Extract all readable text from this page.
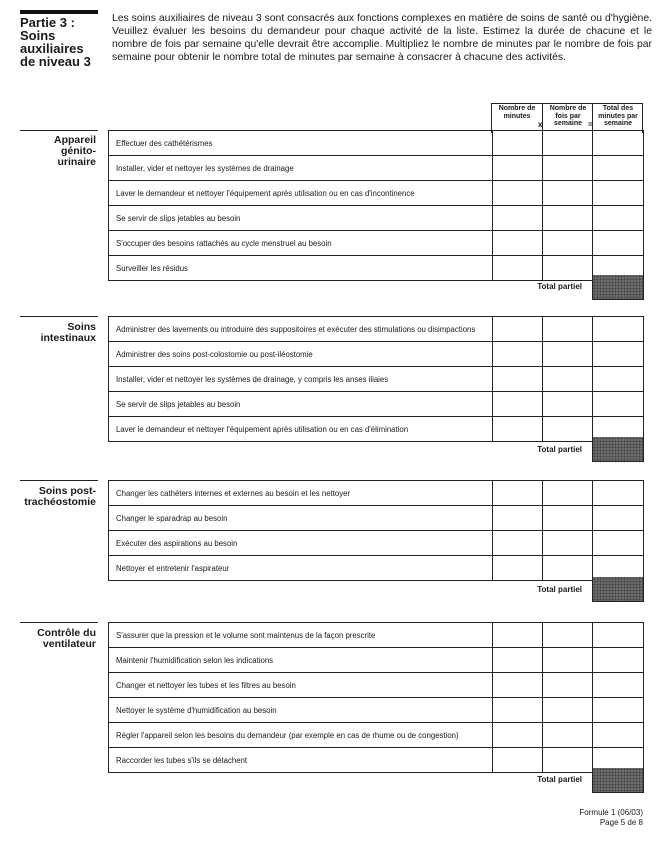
Partie 3 :
Soins
auxiliaires
de niveau 3
Les soins auxiliaires de niveau 3 sont consacrés aux fonctions complexes en matière de soins de santé ou d'hygiène. Veuillez évaluer les besoins du demandeur pour chaque activité de la liste. Estimez la durée de chacune et le nombre de fois par semaine qu'elle devrait être accomplie. Multipliez le nombre de minutes par le nombre de fois par semaine pour obtenir le nombre total de minutes par semaine à consacrer à chacune des activités.
Nombre de minutes
Nombre de fois par semaine
Total des minutes par semaine
x	=
Appareil
génito-
urinaire
Effectuer des cathétérismes
Installer, vider et nettoyer les systèmes de drainage
Laver le demandeur et nettoyer l'équipement après utilisation ou en cas d'incontinence
Se servir de slips jetables au besoin
S'occuper des besoins rattachés au cycle menstruel au besoin
Surveiller les résidus
Total partiel
Soins
intestinaux
Administrer des lavements ou introduire des suppositoires et exécuter des stimulations ou disimpactions
Administrer des soins post-colostomie ou post-iléostomie
Installer, vider et nettoyer les systèmes de drainage, y compris les anses iliaies
Se servir de slips jetables au besoin
Laver le demandeur et nettoyer l'équipement après utilisation ou en cas d'élimination
Total partiel
Soins post-
trachéostomie
Changer les cathéters internes et externes au besoin et les nettoyer
Changer le sparadrap au besoin
Exécuter des aspirations au besoin
Nettoyer et entretenir l'aspirateur
Total partiel
Contrôle du
ventilateur
S'assurer que la pression et le volume sont maintenus de la façon prescrite
Maintenir l'humidification selon les indications
Changer et nettoyer les tubes et les filtres au besoin
Nettoyer le système d'humidification au besoin
Régler l'appareil selon les besoins du demandeur (par exemple en cas de rhume ou de congestion)
Raccorder les tubes s'ils se détachent
Total partiel
Formule 1 (06/03)
Page 5 de 8
